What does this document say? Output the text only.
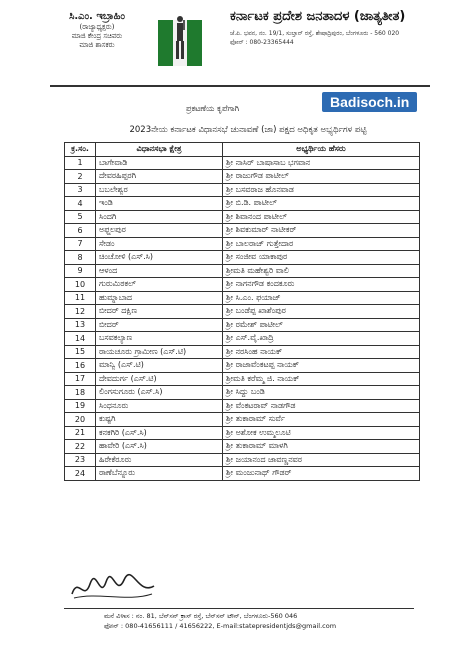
ಸಿ.ಎಂ. ಇಬ್ರಾಹಿಂ
(ರಾಜ್ಯಾಧ್ಯಕ್ಷರು)
ಮಾಜಿ ಕೇಂದ್ರ ಸಚಿವರು
ಮಾಜಿ ಶಾಸಕರು
ಕರ್ನಾಟಕ ಪ್ರದೇಶ ಜನತಾದಳ (ಜಾತ್ಯತೀತ)
ಜೆ.ಪಿ. ಭವನ, ನಂ. 19/1, ಸುಲ್ತಾನ್ ರಸ್ತೆ, ಶೇಷಾದ್ರಿಪುರಂ, ಬೆಂಗಳೂರು - 560 020
ಫೋನ್ : 080-23365444
ಪ್ರಕಟಣೆಯ ಕೃಪೆಗಾಗಿ	Badisoch.in
2023ನೇಯ ಕರ್ನಾಟಕ ವಿಧಾನಸಭೆ ಚುನಾವಣೆ (ಜಾ) ಪಕ್ಷದ ಅಧಿಕೃತ ಅಭ್ಯರ್ಥಿಗಳ ಪಟ್ಟಿ
ಕ್ರ.ಸಂ.	ವಿಧಾನಸಭಾ ಕ್ಷೇತ್ರ	ಅಭ್ಯರ್ಥಿಯ ಹೆಸರು
1	ಬಾಗೇವಾಡಿ	ಶ್ರೀ ನಾಸಿರ್ ಬಾಷಾಸಾಬ ಭಗವಾನ
2	ದೇವರಹಿಪ್ಪರಗಿ	ಶ್ರೀ ರಾಜುಗೌಡ ಪಾಟೀಲ್
3	ಬಬಲೇಶ್ವರ	ಶ್ರೀ ಬಸವರಾಜ ಹೊನವಾಡ
4	ಇಂಡಿ	ಶ್ರೀ ಬಿ.ಡಿ. ಪಾಟೀಲ್
5	ಸಿಂದಗಿ	ಶ್ರೀ ಶಿವಾನಂದ ಪಾಟೀಲ್
6	ಅಫ್ಜಲಪುರ	ಶ್ರೀ ಶಿವಕುಮಾರ್ ನಾಟೀಕರ್
7	ಸೇಡಂ	ಶ್ರೀ ಬಾಲರಾಜ್ ಗುತ್ತೇದಾರ
8	ಚಿಂಚೋಳಿ (ಎಸ್.ಸಿ)	ಶ್ರೀ ಸಂಜೀವ ಯಾಕಾಪುರ
9	ಆಳಂದ	ಶ್ರೀಮತಿ ಮಹೇಶ್ವರಿ ವಾಲಿ
10	ಗುರುಮಿಠಕಲ್	ಶ್ರೀ ನಾಗನಗೌಡ ಕಂದಕೂರು
11	ಹುಮ್ನಾಬಾದ	ಶ್ರೀ ಸಿ.ಎಂ. ಫಯಾಜ್
12	ಬೀದರ್ ದಕ್ಷಿಣ	ಶ್ರೀ ಬಂಡೆಪ್ಪ ಖಾಶೆಂಪುರ
13	ಬೀದರ್	ಶ್ರೀ ರಮೇಶ್ ಪಾಟೀಲ್
14	ಬಸವಕಲ್ಯಾಣ	ಶ್ರೀ ಎಸ್.ವೈ.ಖಾದ್ರಿ
15	ರಾಯಚೂರು ಗ್ರಾಮೀಣ (ಎಸ್.ಟಿ)	ಶ್ರೀ ನರಸಿಂಹ ನಾಯಕ್
16	ಮಾನ್ವಿ (ಎಸ್.ಟಿ)	ಶ್ರೀ ರಾಜಾವೆಂಕಟಪ್ಪ ನಾಯಕ್
17	ದೇವದುರ್ಗ (ಎಸ್.ಟಿ)	ಶ್ರೀಮತಿ ಕರೆಮ್ಮ ಜಿ. ನಾಯಕ್
18	ಲಿಂಗಸುಗೂರು (ಎಸ್.ಸಿ)	ಶ್ರೀ ಸಿದ್ದು ಬಂಡಿ
19	ಸಿಂಧನೂರು	ಶ್ರೀ ವೆಂಕಟರಾವ್ ನಾಡಗೌಡ
20	ಕುಷ್ಟಗಿ	ಶ್ರೀ ತುಕಾರಾಮ್ ಸುರ್ವೆ
21	ಕನಕಗಿರಿ (ಎಸ್.ಸಿ)	ಶ್ರೀ ಅಶೋಕ ಉಮ್ಮಲೂಟಿ
22	ಹಾವೇರಿ (ಎಸ್.ಸಿ)	ಶ್ರೀ ತುಕಾರಾಮ್ ಮಾಳಗಿ
23	ಹಿರೇಕೆರೂರು	ಶ್ರೀ ಜಯಾನಂದ ಜಾವಣ್ಣನವರ
24	ರಾಣೆಬೆನ್ನೂರು	ಶ್ರೀ ಮಂಜುನಾಥ್ ಗೌಡರ್
ಮನೆ ವಿಳಾಸ : ನಂ. 81, ಬೆನ್‌ಸನ್ ಕ್ರಾಸ್ ರಸ್ತೆ, ಬೆನ್‌ಸನ್ ಟೌನ್, ಬೆಂಗಳೂರು-560 046
ಫೋನ್ : 080-41656111 / 41656222, E-mail:statepresidentjds@gmail.com
